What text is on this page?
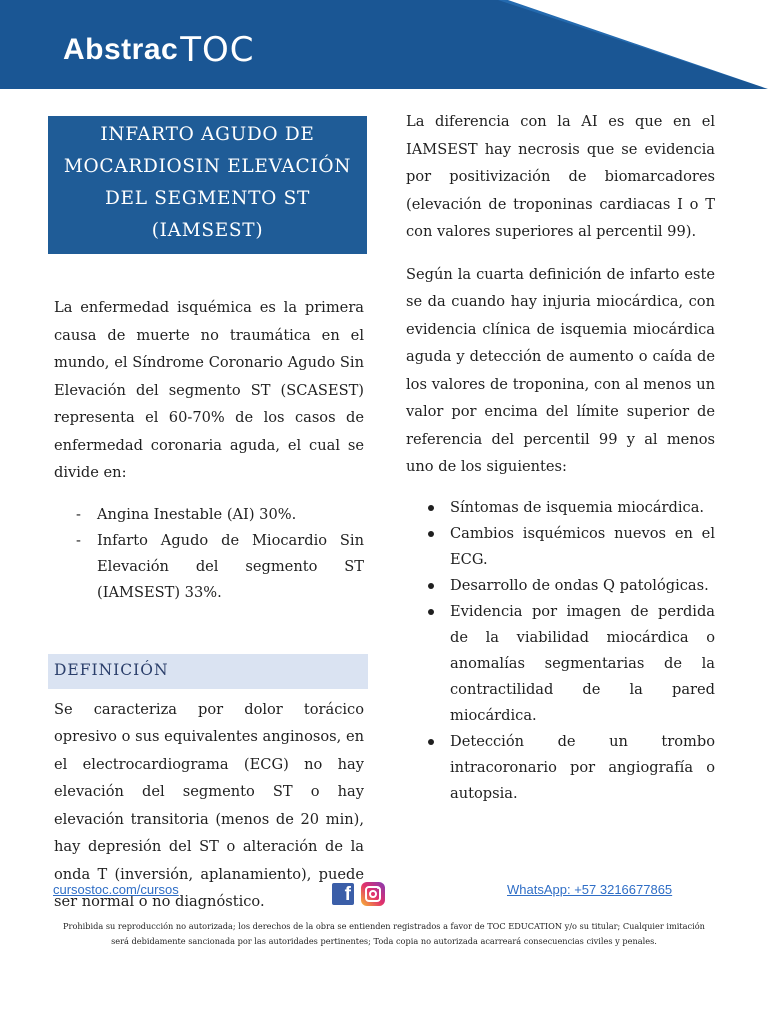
Abstrac TOC
INFARTO AGUDO DE MOCARDIOSIN ELEVACIÓN DEL SEGMENTO ST (IAMSEST)

La enfermedad isquémica es la primera causa de muerte no traumática en el mundo, el Síndrome Coronario Agudo Sin Elevación del segmento ST (SCASEST) representa el 60-70% de los casos de enfermedad coronaria aguda, el cual se divide en:

- Angina Inestable (AI) 30%.
- Infarto Agudo de Miocardio Sin Elevación del segmento ST (IAMSEST) 33%.
DEFINICIÓN

Se caracteriza por dolor torácico opresivo o sus equivalentes anginosos, en el electrocardiograma (ECG) no hay elevación del segmento ST o hay elevación transitoria (menos de 20 min), hay depresión del ST o alteración de la onda T (inversión, aplanamiento), puede ser normal o no diagnóstico.

La diferencia con la AI es que en el IAMSEST hay necrosis que se evidencia por positivización de biomarcadores (elevación de troponinas cardiacas I o T con valores superiores al percentil 99).

Según la cuarta definición de infarto este se da cuando hay injuria miocárdica, con evidencia clínica de isquemia miocárdica aguda y detección de aumento o caída de los valores de troponina, con al menos un valor por encima del límite superior de referencia del percentil 99 y al menos uno de los siguientes:

Síntomas de isquemia miocárdica.
Cambios isquémicos nuevos en el ECG.
Desarrollo de ondas Q patológicas.
Evidencia por imagen de perdida de la viabilidad miocárdica o anomalías segmentarias de la contractilidad de la pared miocárdica.
Detección de un trombo intracoronario por angiografía o autopsia.
cursostoc.com/cursos	f	WhatsApp: +57 3216677865
Prohibida su reproducción no autorizada; los derechos de la obra se entienden registrados a favor de TOC EDUCATION y/o su titular; Cualquier imitación será debidamente sancionada por las autoridades pertinentes; Toda copia no autorizada acarreará consecuencias civiles y penales.
